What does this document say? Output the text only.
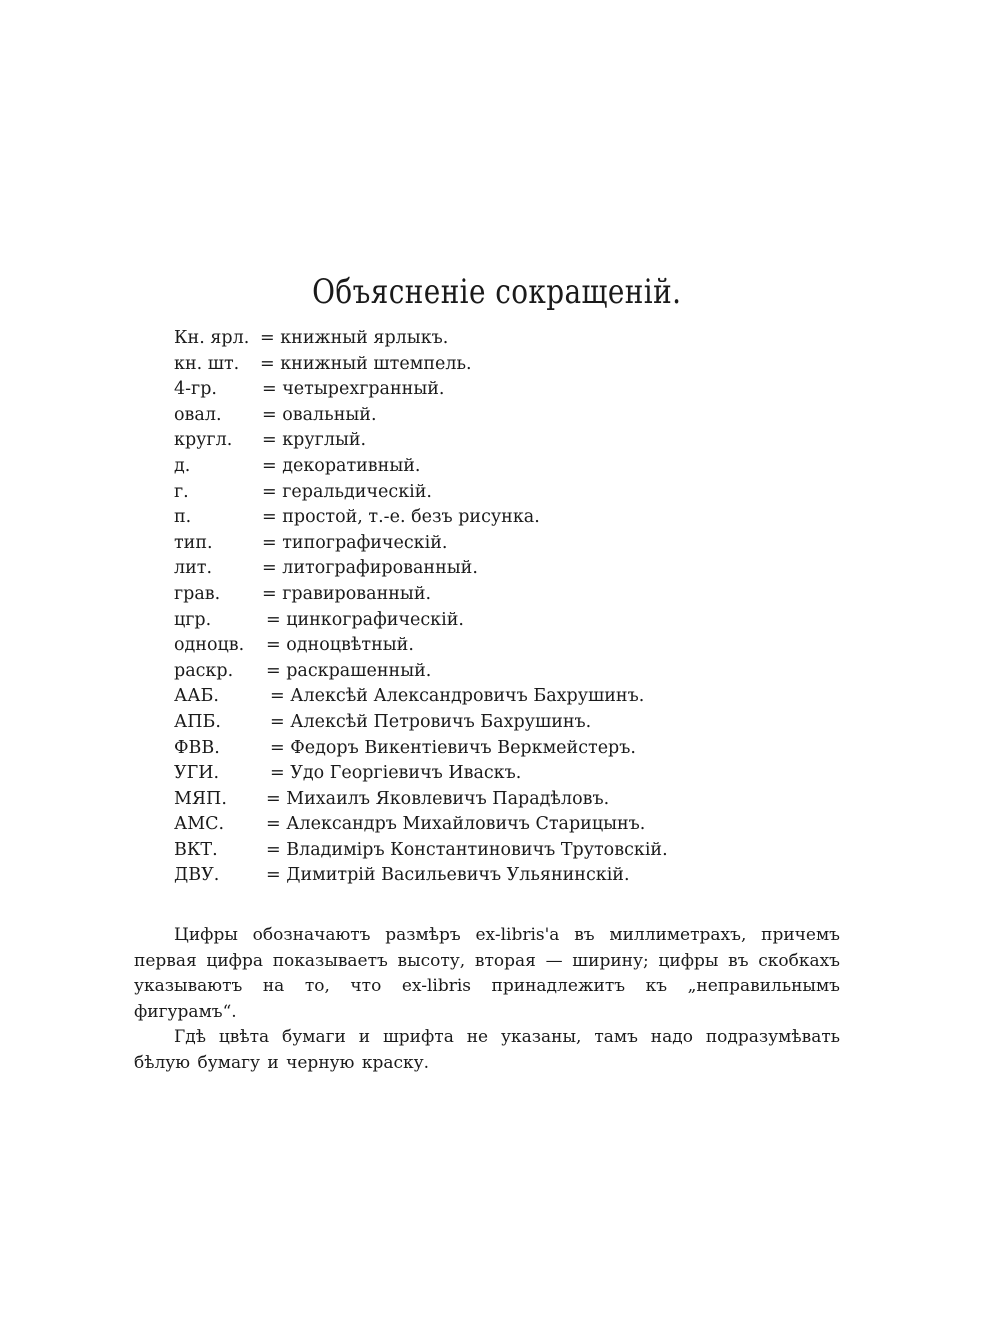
Объясненіе сокращеній.
Кн. ярл. = книжный ярлыкъ.
кн. шт. = книжный штемпель.
4-гр.	= четырехгранный.
овал. = овальный.
кругл. = круглый.
д.	= декоративный.
г.	= геральдическій.
п.	= простой, т.-е. безъ рисунка.
тип.	= типографическій.
лит.	= литографированный.
грав. = гравированный.
цгр.	= цинкографическій.
одноцв. = одноцвѣтный.
раскр. = раскрашенный.
ААБ.	= Алексѣй Александровичъ Бахрушинъ.
АПБ.	= Алексѣй Петровичъ Бахрушинъ.
ФВВ.	= Федоръ Викентіевичъ Веркмейстеръ.
УГИ.	= Удо Георгіевичъ Иваскъ.
МЯП. = Михаилъ Яковлевичъ Парадѣловъ.
АМС. = Александръ Михайловичъ Старицынъ.
ВКТ.	= Владиміръ Константиновичъ Трутовскій.
ДВУ.	= Димитрій Васильевичъ Ульянинскій.

Цифры обозначаютъ размѣръ ex-libris'a въ миллиметрахъ, причемъ первая цифра показываетъ высоту, вторая — ширину; цифры въ скобкахъ указываютъ на то, что ex-libris принадлежитъ къ „неправильнымъ фигурамъ“.

Гдѣ цвѣта бумаги и шрифта не указаны, тамъ надо подразумѣвать бѣлую бумагу и черную краску.
